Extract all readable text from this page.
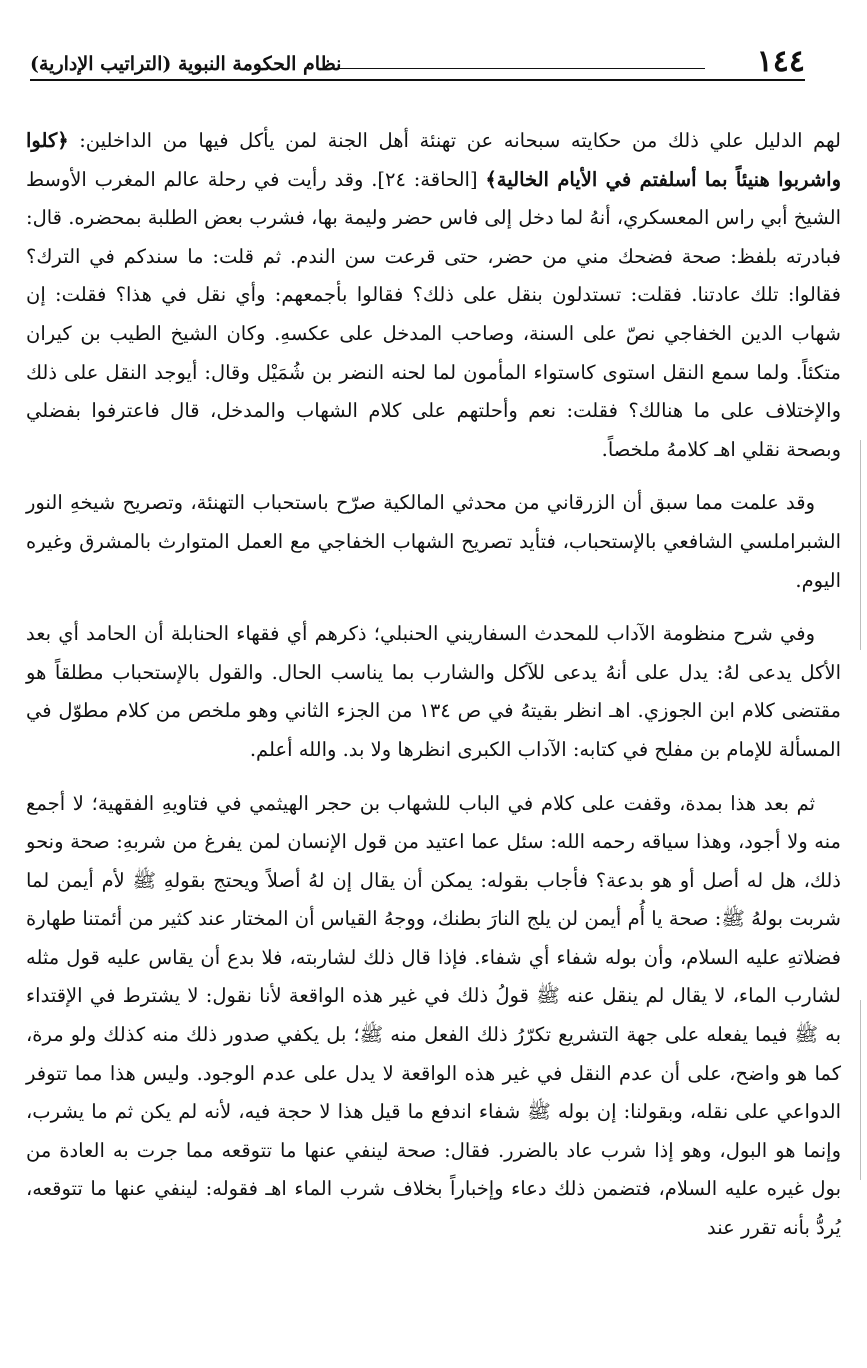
١٤٤
نظام الحكومة النبوية (التراتيب الإدارية)

لهم الدليل علي ذلك من حكايته سبحانه عن تهنئة أهل الجنة لمن يأكل فيها من الداخلين: ﴿كلوا واشربوا هنيئاً بما أسلفتم في الأيام الخالية﴾ [الحاقة: ٢٤]. وقد رأيت في رحلة عالم المغرب الأوسط الشيخ أبي راس المعسكري، أنهُ لما دخل إلى فاس حضر وليمة بها، فشرب بعض الطلبة بمحضره. قال: فبادرته بلفظ: صحة فضحك مني من حضر، حتى قرعت سن الندم. ثم قلت: ما سندكم في الترك؟ فقالوا: تلك عادتنا. فقلت: تستدلون بنقل على ذلك؟ فقالوا بأجمعهم: وأي نقل في هذا؟ فقلت: إن شهاب الدين الخفاجي نصّ على السنة، وصاحب المدخل على عكسهِ. وكان الشيخ الطيب بن كيران متكئاً. ولما سمع النقل استوى كاستواء المأمون لما لحنه النضر بن شُمَيْل وقال: أيوجد النقل على ذلك والإختلاف على ما هنالك؟ فقلت: نعم وأحلتهم على كلام الشهاب والمدخل، قال فاعترفوا بفضلي وبصحة نقلي اهـ كلامهُ ملخصاً.

وقد علمت مما سبق أن الزرقاني من محدثي المالكية صرّح باستحباب التهنئة، وتصريح شيخهِ النور الشبراملسي الشافعي بالإستحباب، فتأيد تصريح الشهاب الخفاجي مع العمل المتوارث بالمشرق وغيره اليوم.

وفي شرح منظومة الآداب للمحدث السفاريني الحنبلي؛ ذكرهم أي فقهاء الحنابلة أن الحامد أي بعد الأكل يدعى لهُ: يدل على أنهُ يدعى للآكل والشارب بما يناسب الحال. والقول بالإستحباب مطلقاً هو مقتضى كلام ابن الجوزي. اهـ انظر بقيتهُ في ص ١٣٤ من الجزء الثاني وهو ملخص من كلام مطوّل في المسألة للإمام بن مفلح في كتابه: الآداب الكبرى انظرها ولا بد. والله أعلم.

ثم بعد هذا بمدة، وقفت على كلام في الباب للشهاب بن حجر الهيثمي في فتاويهِ الفقهية؛ لا أجمع منه ولا أجود، وهذا سياقه رحمه الله: سئل عما اعتيد من قول الإنسان لمن يفرغ من شربهِ: صحة ونحو ذلك، هل له أصل أو هو بدعة؟ فأجاب بقوله: يمكن أن يقال إن لهُ أصلاً ويحتج بقولهِ ﷺ لأم أيمن لما شربت بولهُ ﷺ: صحة يا أُم أيمن لن يلج النارَ بطنك، ووجهُ القياس أن المختار عند كثير من أئمتنا طهارة فضلاتهِ عليه السلام، وأن بوله شفاء أي شفاء. فإذا قال ذلك لشاربته، فلا بدع أن يقاس عليه قول مثله لشارب الماء، لا يقال لم ينقل عنه ﷺ قولُ ذلك في غير هذه الواقعة لأنا نقول: لا يشترط في الإقتداء به ﷺ فيما يفعله على جهة التشريع تكرّرُ ذلك الفعل منه ﷺ؛ بل يكفي صدور ذلك منه كذلك ولو مرة، كما هو واضح، على أن عدم النقل في غير هذه الواقعة لا يدل على عدم الوجود. وليس هذا مما تتوفر الدواعي على نقله، وبقولنا: إن بوله ﷺ شفاء اندفع ما قيل هذا لا حجة فيه، لأنه لم يكن ثم ما يشرب، وإنما هو البول، وهو إذا شرب عاد بالضرر. فقال: صحة لينفي عنها ما تتوقعه مما جرت به العادة من بول غيره عليه السلام، فتضمن ذلك دعاء وإخباراً بخلاف شرب الماء اهـ فقوله: لينفي عنها ما تتوقعه، يُردُّ بأنه تقرر عند
